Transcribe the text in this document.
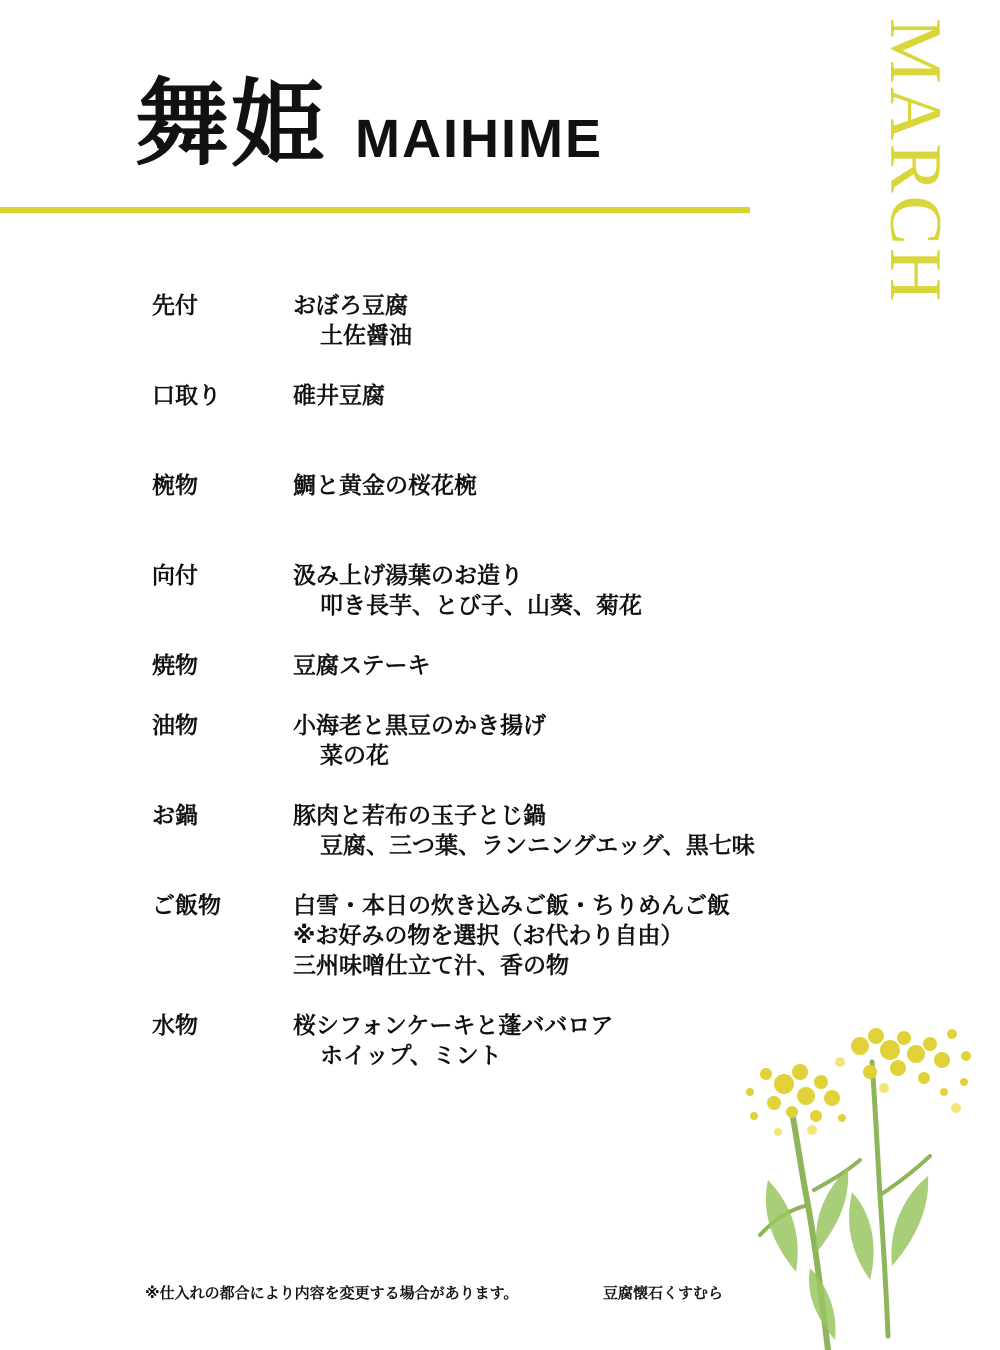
舞姫 MAIHIME	MARCH
先付	おぼろ豆腐
土佐醤油
口取り	碓井豆腐
椀物	鯛と黄金の桜花椀
向付	汲み上げ湯葉のお造り
叩き長芋、とび子、山葵、菊花
焼物	豆腐ステーキ
油物	小海老と黒豆のかき揚げ
菜の花
お鍋	豚肉と若布の玉子とじ鍋
豆腐、三つ葉、ランニングエッグ、黒七味
ご飯物	白雪・本日の炊き込みご飯・ちりめんご飯
※お好みの物を選択（お代わり自由）
三州味噌仕立て汁、香の物
水物	桜シフォンケーキと蓬ババロア
ホイップ、ミント
※仕入れの都合により内容を変更する場合があります。	豆腐懐石くすむら
